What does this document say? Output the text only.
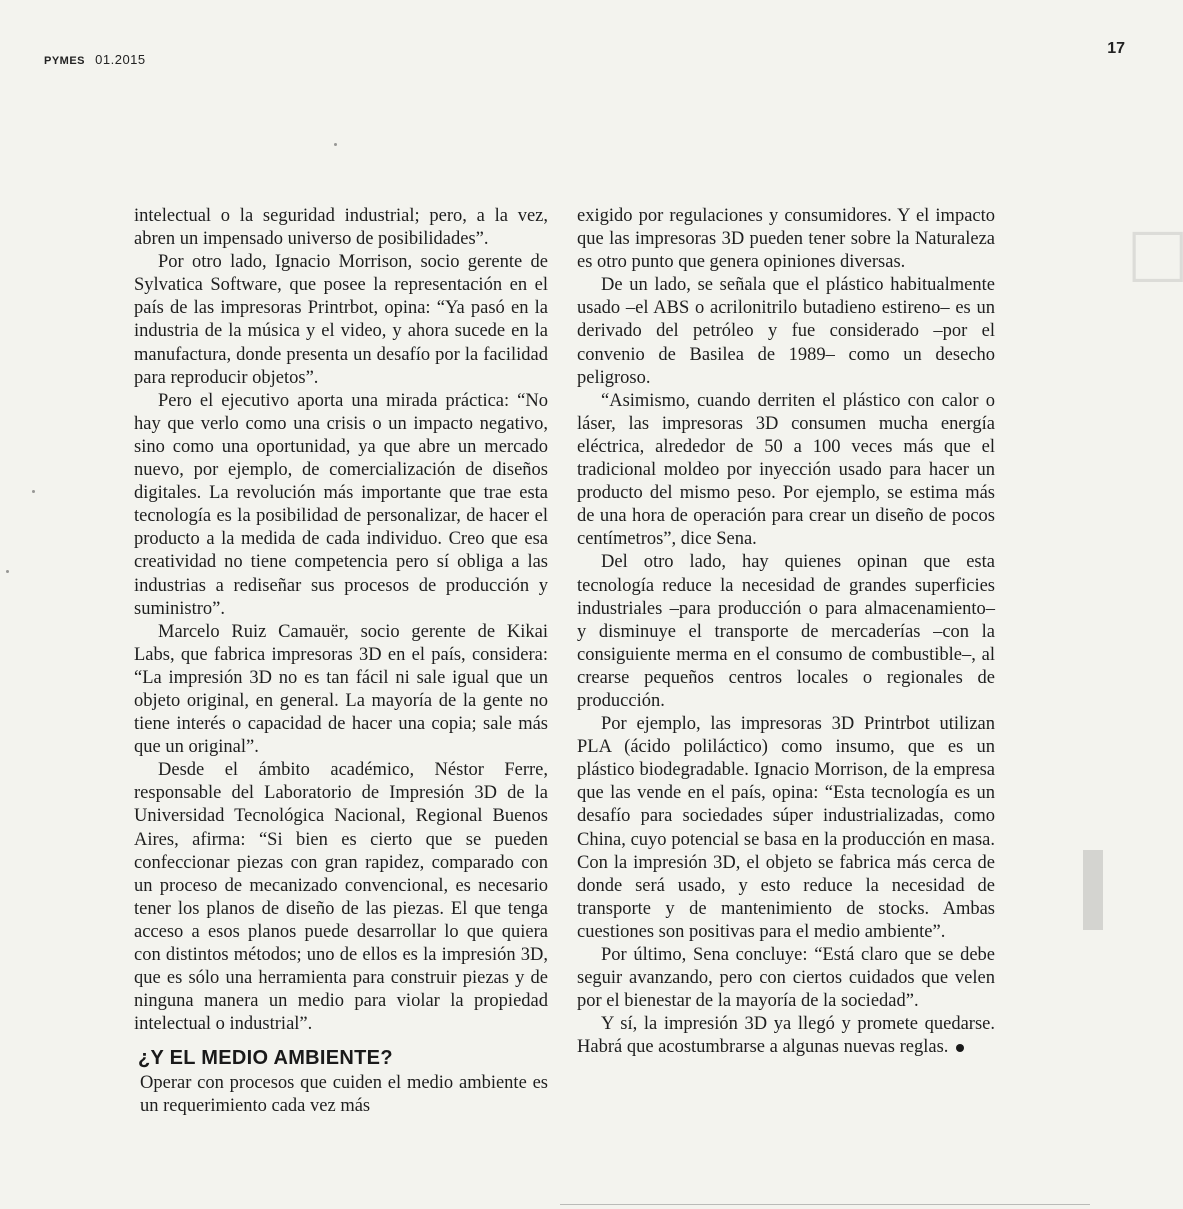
PYMES 01.2015
17
□

intelectual o la seguridad industrial; pero, a la vez, abren un impensado universo de posibilidades”.

Por otro lado, Ignacio Morrison, socio gerente de Sylvatica Software, que posee la representación en el país de las impresoras Printrbot, opina: “Ya pasó en la industria de la música y el video, y ahora sucede en la manufactura, donde presenta un desafío por la facilidad para reproducir objetos”.

Pero el ejecutivo aporta una mirada práctica: “No hay que verlo como una crisis o un impacto negativo, sino como una oportunidad, ya que abre un mercado nuevo, por ejemplo, de comercialización de diseños digitales. La revolución más importante que trae esta tecnología es la posibilidad de personalizar, de hacer el producto a la medida de cada individuo. Creo que esa creatividad no tiene competencia pero sí obliga a las industrias a rediseñar sus procesos de producción y suministro”.

Marcelo Ruiz Camauër, socio gerente de Kikai Labs, que fabrica impresoras 3D en el país, considera: “La impresión 3D no es tan fácil ni sale igual que un objeto original, en general. La mayoría de la gente no tiene interés o capacidad de hacer una copia; sale más que un original”.

Desde el ámbito académico, Néstor Ferre, responsable del Laboratorio de Impresión 3D de la Universidad Tecnológica Nacional, Regional Buenos Aires, afirma: “Si bien es cierto que se pueden confeccionar piezas con gran rapidez, comparado con un proceso de mecanizado convencional, es necesario tener los planos de diseño de las piezas. El que tenga acceso a esos planos puede desarrollar lo que quiera con distintos métodos; uno de ellos es la impresión 3D, que es sólo una herramienta para construir piezas y de ninguna manera un medio para violar la propiedad intelectual o industrial”.

¿Y EL MEDIO AMBIENTE?

Operar con procesos que cuiden el medio ambiente es un requerimiento cada vez más

exigido por regulaciones y consumidores. Y el impacto que las impresoras 3D pueden tener sobre la Naturaleza es otro punto que genera opiniones diversas.

De un lado, se señala que el plástico habitualmente usado –el ABS o acrilonitrilo butadieno estireno– es un derivado del petróleo y fue considerado –por el convenio de Basilea de 1989– como un desecho peligroso.

“Asimismo, cuando derriten el plástico con calor o láser, las impresoras 3D consumen mucha energía eléctrica, alrededor de 50 a 100 veces más que el tradicional moldeo por inyección usado para hacer un producto del mismo peso. Por ejemplo, se estima más de una hora de operación para crear un diseño de pocos centímetros”, dice Sena.

Del otro lado, hay quienes opinan que esta tecnología reduce la necesidad de grandes superficies industriales –para producción o para almacenamiento– y disminuye el transporte de mercaderías –con la consiguiente merma en el consumo de combustible–, al crearse pequeños centros locales o regionales de producción.

Por ejemplo, las impresoras 3D Printrbot utilizan PLA (ácido poliláctico) como insumo, que es un plástico biodegradable. Ignacio Morrison, de la empresa que las vende en el país, opina: “Esta tecnología es un desafío para sociedades súper industrializadas, como China, cuyo potencial se basa en la producción en masa. Con la impresión 3D, el objeto se fabrica más cerca de donde será usado, y esto reduce la necesidad de transporte y de mantenimiento de stocks. Ambas cuestiones son positivas para el medio ambiente”.

Por último, Sena concluye: “Está claro que se debe seguir avanzando, pero con ciertos cuidados que velen por el bienestar de la mayoría de la sociedad”.

Y sí, la impresión 3D ya llegó y promete quedarse. Habrá que acostumbrarse a algunas nuevas reglas.
